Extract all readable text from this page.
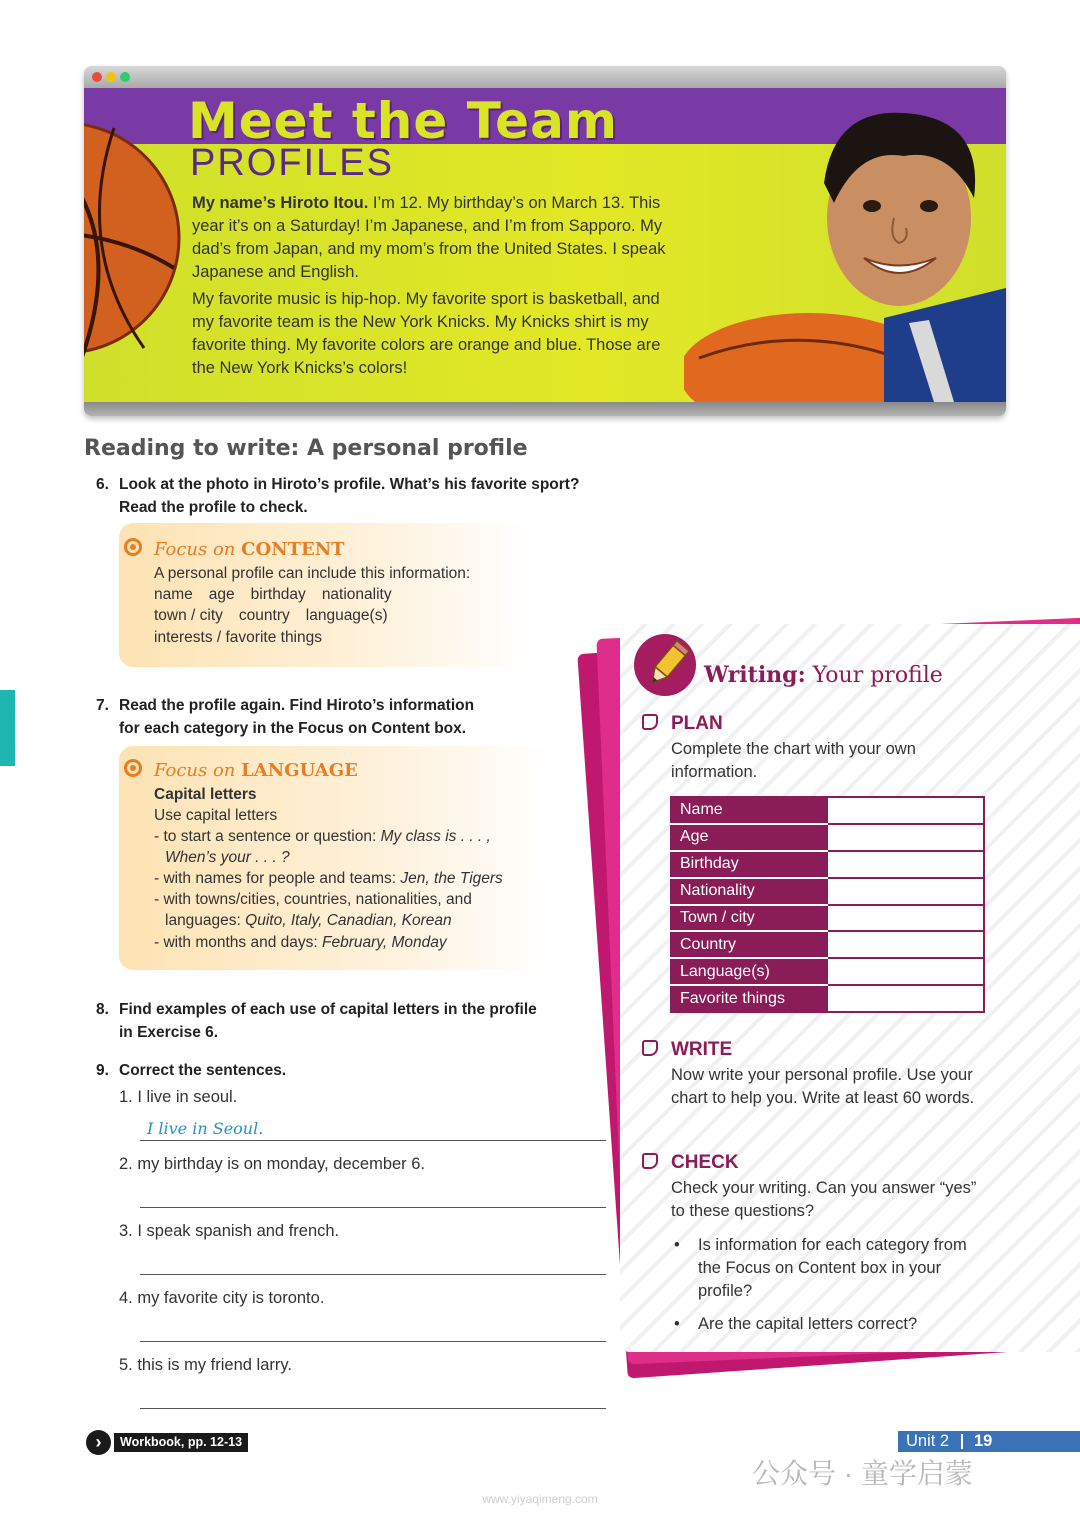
Meet the Team
PROFILES
My name’s Hiroto Itou. I’m 12. My birthday’s on March 13. This year it’s on a Saturday! I’m Japanese, and I’m from Sapporo. My dad’s from Japan, and my mom’s from the United States. I speak Japanese and English.
My favorite music is hip-hop. My favorite sport is basketball, and my favorite team is the New York Knicks. My Knicks shirt is my favorite thing. My favorite colors are orange and blue. Those are the New York Knicks’s colors!
Reading to write: A personal profile
6. Look at the photo in Hiroto’s profile. What’s his favorite sport?
Read the profile to check.
Focus on CONTENT
A personal profile can include this information:
name age birthday nationality
town / city country language(s)
interests / favorite things
7. Read the profile again. Find Hiroto’s information
for each category in the Focus on Content box.
Focus on LANGUAGE
Capital letters
Use capital letters
- to start a sentence or question: My class is . . . ,
When’s your . . . ?
- with names for people and teams: Jen, the Tigers
- with towns/cities, countries, nationalities, and
languages: Quito, Italy, Canadian, Korean
- with months and days: February, Monday
8. Find examples of each use of capital letters in the profile
in Exercise 6.
9. Correct the sentences.
1. I live in seoul.
I live in Seoul.
2. my birthday is on monday, december 6.
3. I speak spanish and french.
4. my favorite city is toronto.
5. this is my friend larry.
Writing: Your profile
PLAN
Complete the chart with your own information.
Name	
Age	
Birthday	
Nationality	
Town / city	
Country	
Language(s)	
Favorite things	
WRITE
Now write your personal profile. Use your chart to help you. Write at least 60 words.
CHECK
Check your writing. Can you answer “yes” to these questions?
• Is information for each category from the Focus on Content box in your profile?
• Are the capital letters correct?
›	Workbook, pp. 12-13	Unit 2 19
公众号 · 童学启蒙
www.yiyaqimeng.com
